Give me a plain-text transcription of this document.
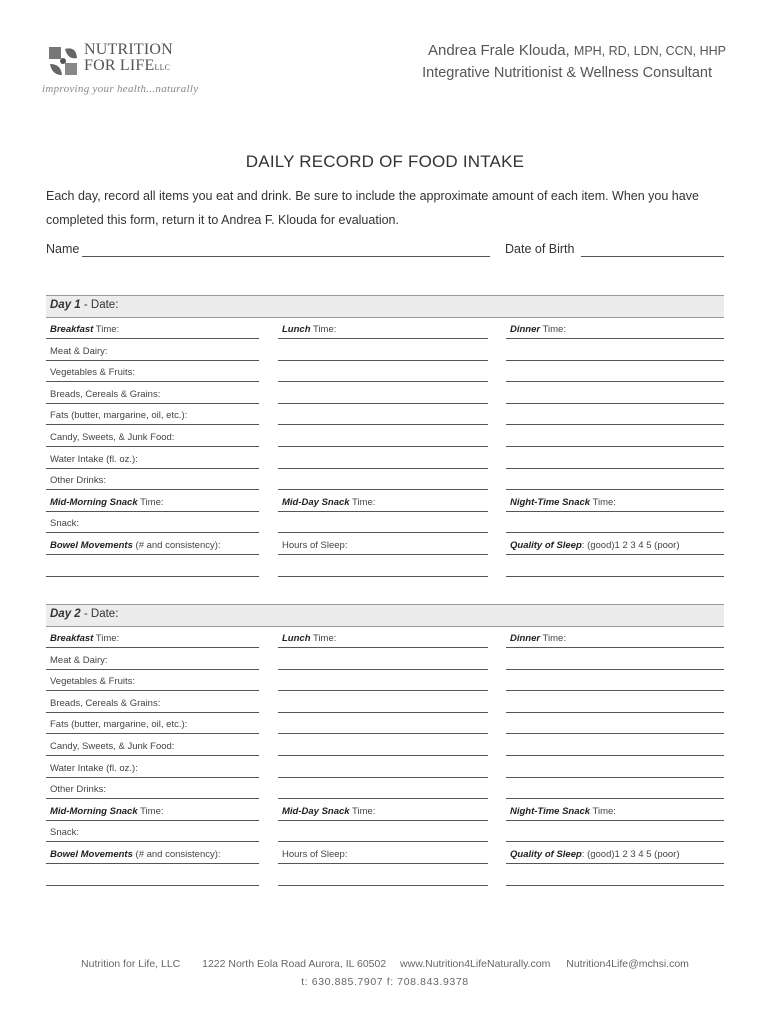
NUTRITION
FOR LIFELLC
improving your health...naturally
Andrea Frale Klouda, MPH, RD, LDN, CCN, HHP
Integrative Nutritionist & Wellness Consultant
DAILY RECORD OF FOOD INTAKE
Each day, record all items you eat and drink. Be sure to include the approximate amount of each item. When you have completed this form, return it to Andrea F. Klouda for evaluation.
Name	Date of Birth
Day 1 - Date:
Breakfast Time:	Lunch Time:	Dinner Time:
Meat & Dairy:
Vegetables & Fruits:
Breads, Cereals & Grains:
Fats (butter, margarine, oil, etc.):
Candy, Sweets, & Junk Food:
Water Intake (fl. oz.):
Other Drinks:
Mid-Morning Snack Time:	Mid-Day Snack Time:	Night-Time Snack Time:
Snack:
Bowel Movements (# and consistency):	Hours of Sleep:	Quality of Sleep: (good)1 2 3 4 5 (poor)
Day 2 - Date:
Breakfast Time:	Lunch Time:	Dinner Time:
Meat & Dairy:
Vegetables & Fruits:
Breads, Cereals & Grains:
Fats (butter, margarine, oil, etc.):
Candy, Sweets, & Junk Food:
Water Intake (fl. oz.):
Other Drinks:
Mid-Morning Snack Time:	Mid-Day Snack Time:	Night-Time Snack Time:
Snack:
Bowel Movements (# and consistency):	Hours of Sleep:	Quality of Sleep: (good)1 2 3 4 5 (poor)
Nutrition for Life, LLC 1222 North Eola Road Aurora, IL 60502 www.Nutrition4LifeNaturally.com Nutrition4Life@mchsi.com
t: 630.885.7907 f: 708.843.9378
